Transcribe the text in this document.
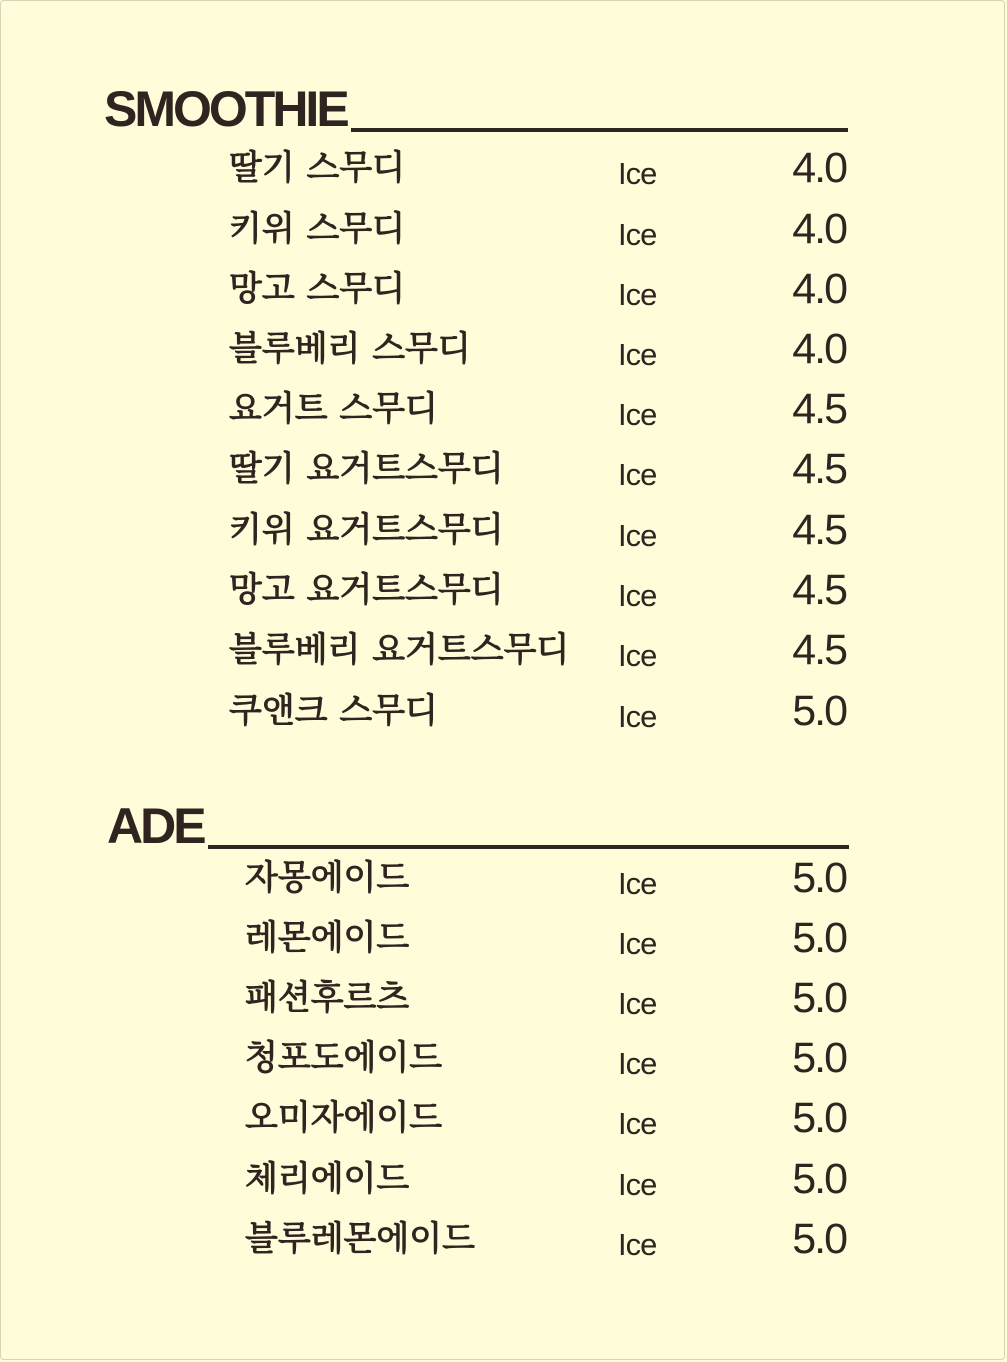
SMOOTHIE
딸기 스무디	Ice	4.0
키위 스무디	Ice	4.0
망고 스무디	Ice	4.0
블루베리 스무디	Ice	4.0
요거트 스무디	Ice	4.5
딸기 요거트스무디	Ice	4.5
키위 요거트스무디	Ice	4.5
망고 요거트스무디	Ice	4.5
블루베리 요거트스무디 Ice	4.5
쿠앤크 스무디	Ice	5.0
ADE
자몽에이드	Ice	5.0
레몬에이드	Ice	5.0
패션후르츠	Ice	5.0
청포도에이드	Ice	5.0
오미자에이드	Ice	5.0
체리에이드	Ice	5.0
블루레몬에이드	Ice	5.0
